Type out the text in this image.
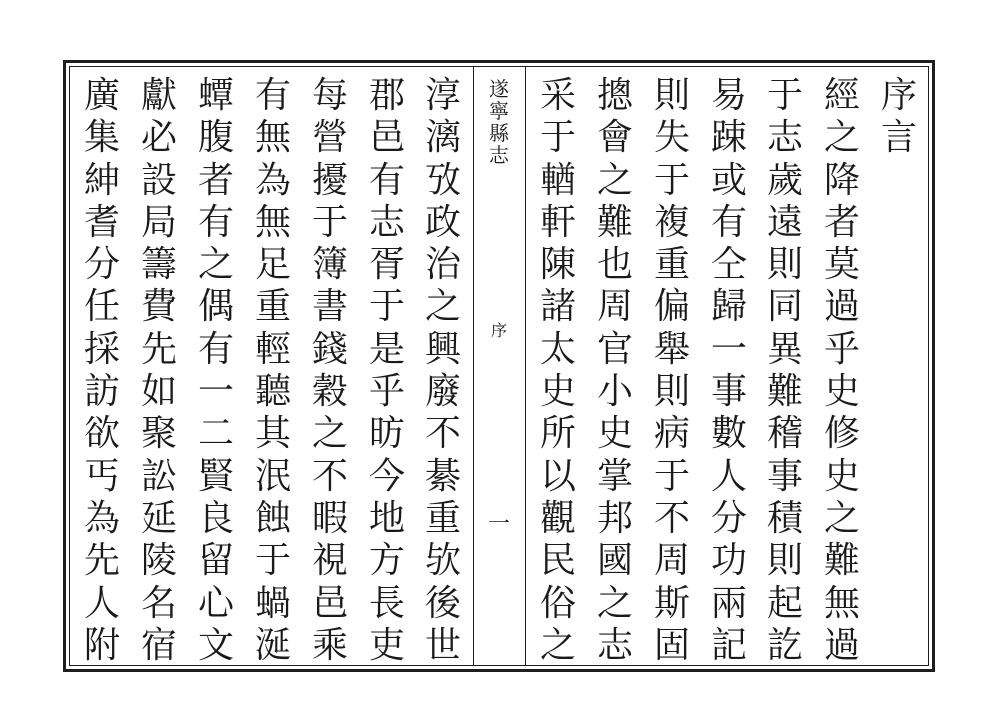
遂
寧
縣
志
序
一
序
言
經
之
降
者
莫
過
乎
史
修
史
之
難
無
過
于
志
歲
遠
則
同
異
難
稽
事
積
則
起
訖
易
踈
或
有
仝
歸
一
事
數
人
分
功
兩
記
則
失
于
複
重
偏
舉
則
病
于
不
周
斯
固
摠
會
之
難
也
周
官
小
史
掌
邦
國
之
志
采
于
輶
軒
陳
諸
太
史
所
以
觀
民
俗
之
淳
漓
攷
政
治
之
興
廢
不
綦
重
欤
後
世
郡
邑
有
志
胥
于
是
乎
昉
今
地
方
長
吏
每
營
擾
于
簿
書
錢
穀
之
不
暇
視
邑
乘
有
無
為
無
足
重
輕
聽
其
泯
蝕
于
蝸
涎
蟫
腹
者
有
之
偶
有
一
二
賢
良
留
心
文
獻
必
設
局
籌
費
先
如
聚
訟
延
陵
名
宿
廣
集
紳
耆
分
任
採
訪
欲
丐
為
先
人
附
